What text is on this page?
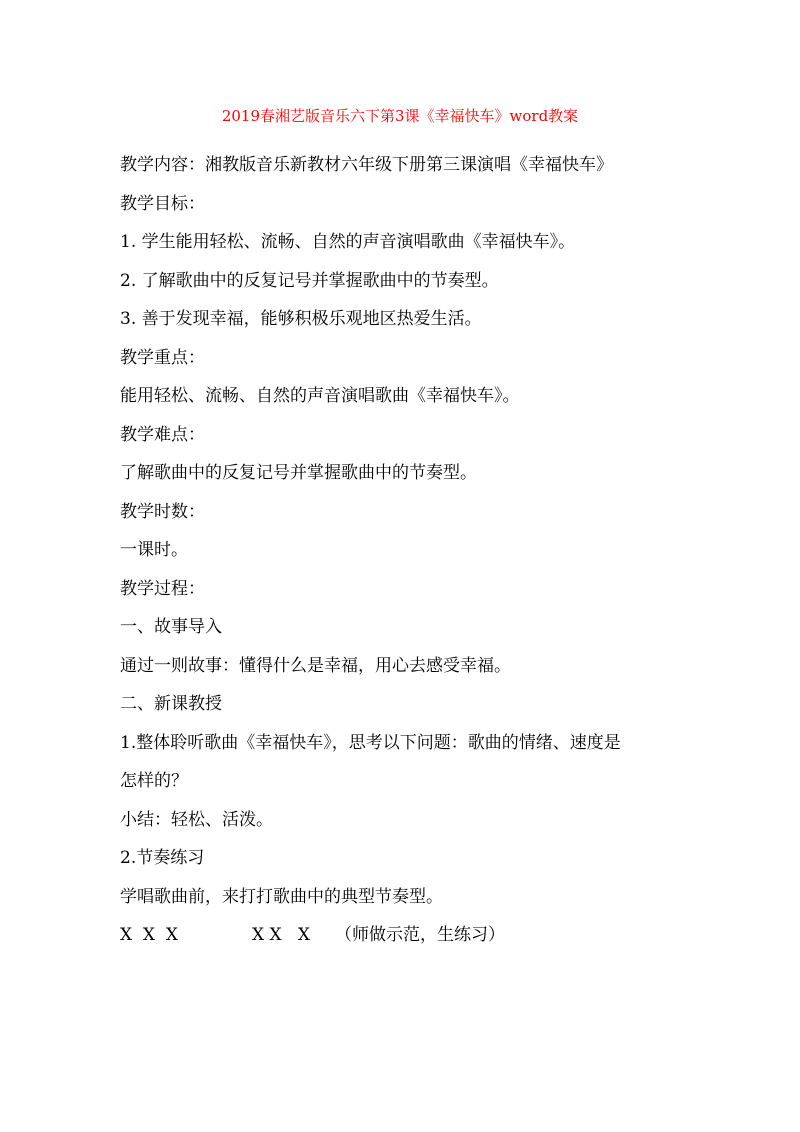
2019春湘艺版音乐六下第3课《幸福快车》word教案
教学内容：湘教版音乐新教材六年级下册第三课演唱《幸福快车》
教学目标：
1. 学生能用轻松、流畅、自然的声音演唱歌曲《幸福快车》。
2. 了解歌曲中的反复记号并掌握歌曲中的节奏型。
3. 善于发现幸福，能够积极乐观地区热爱生活。
教学重点：
能用轻松、流畅、自然的声音演唱歌曲《幸福快车》。
教学难点：
了解歌曲中的反复记号并掌握歌曲中的节奏型。
教学时数：
一课时。
教学过程：
一、故事导入
通过一则故事：懂得什么是幸福，用心去感受幸福。
二、新课教授
1.整体聆听歌曲《幸福快车》，思考以下问题：歌曲的情绪、速度是
怎样的？
小结：轻松、活泼。
2.节奏练习
学唱歌曲前，来打打歌曲中的典型节奏型。
X  X  X	X X   X （师做示范，生练习）
